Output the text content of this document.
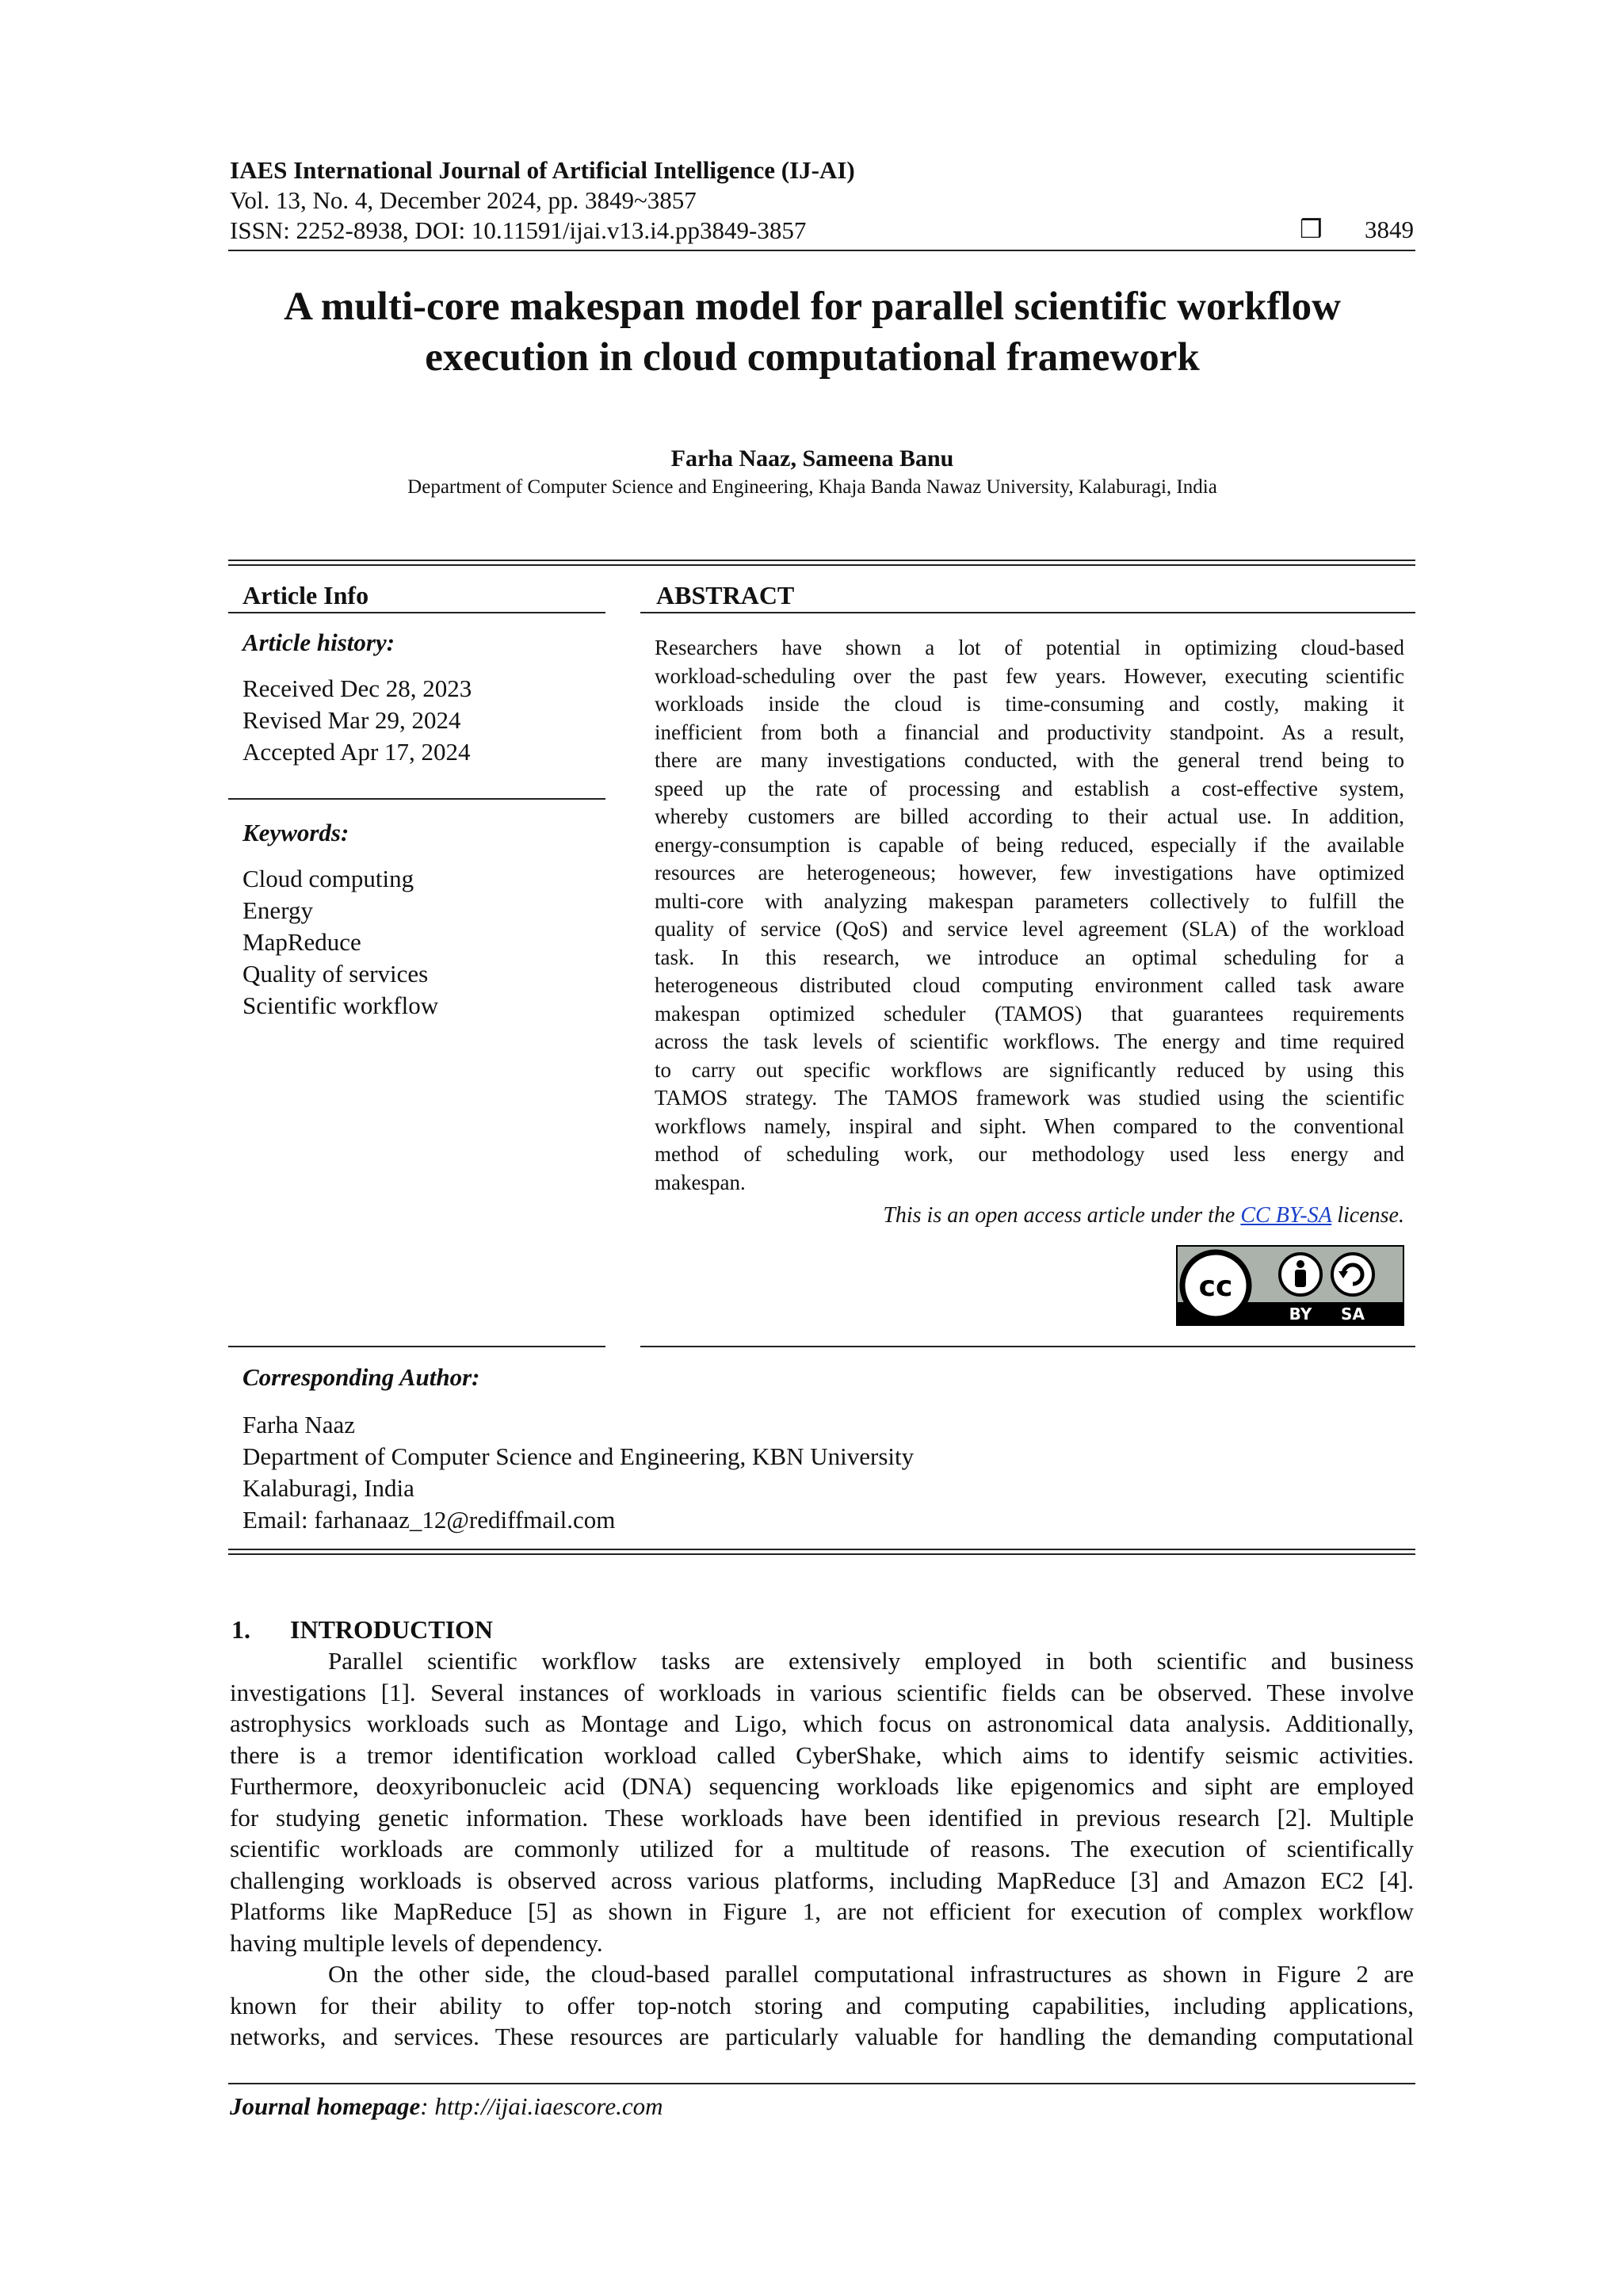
IAES International Journal of Artificial Intelligence (IJ-AI)
Vol. 13, No. 4, December 2024, pp. 3849~3857
ISSN: 2252-8938, DOI: 10.11591/ijai.v13.i4.pp3849-3857	❒ 3849
A multi-core makespan model for parallel scientific workflow
execution in cloud computational framework
Farha Naaz, Sameena Banu
Department of Computer Science and Engineering, Khaja Banda Nawaz University, Kalaburagi, India
Article Info
Article history:
Received Dec 28, 2023
Revised Mar 29, 2024
Accepted Apr 17, 2024
Keywords:
Cloud computing
Energy
MapReduce
Quality of services
Scientific workflow
ABSTRACT
Researchers have shown a lot of potential in optimizing cloud-based
workload-scheduling over the past few years. However, executing scientific
workloads inside the cloud is time-consuming and costly, making it
inefficient from both a financial and productivity standpoint. As a result,
there are many investigations conducted, with the general trend being to
speed up the rate of processing and establish a cost-effective system,
whereby customers are billed according to their actual use. In addition,
energy-consumption is capable of being reduced, especially if the available
resources are heterogeneous; however, few investigations have optimized
multi-core with analyzing makespan parameters collectively to fulfill the
quality of service (QoS) and service level agreement (SLA) of the workload
task. In this research, we introduce an optimal scheduling for a
heterogeneous distributed cloud computing environment called task aware
makespan optimized scheduler (TAMOS) that guarantees requirements
across the task levels of scientific workflows. The energy and time required
to carry out specific workflows are significantly reduced by using this
TAMOS strategy. The TAMOS framework was studied using the scientific
workflows namely, inspiral and sipht. When compared to the conventional
method of scheduling work, our methodology used less energy and
makespan.
This is an open access article under the CC BY-SA license.
cc
BY SA
Corresponding Author:
Farha Naaz
Department of Computer Science and Engineering, KBN University
Kalaburagi, India
Email: farhanaaz_12@rediffmail.com
1. INTRODUCTION
Parallel scientific workflow tasks are extensively employed in both scientific and business
investigations [1]. Several instances of workloads in various scientific fields can be observed. These involve
astrophysics workloads such as Montage and Ligo, which focus on astronomical data analysis. Additionally,
there is a tremor identification workload called CyberShake, which aims to identify seismic activities.
Furthermore, deoxyribonucleic acid (DNA) sequencing workloads like epigenomics and sipht are employed
for studying genetic information. These workloads have been identified in previous research [2]. Multiple
scientific workloads are commonly utilized for a multitude of reasons. The execution of scientifically
challenging workloads is observed across various platforms, including MapReduce [3] and Amazon EC2 [4].
Platforms like MapReduce [5] as shown in Figure 1, are not efficient for execution of complex workflow
having multiple levels of dependency.
On the other side, the cloud-based parallel computational infrastructures as shown in Figure 2 are
known for their ability to offer top-notch storing and computing capabilities, including applications,
networks, and services. These resources are particularly valuable for handling the demanding computational
Journal homepage: http://ijai.iaescore.com
